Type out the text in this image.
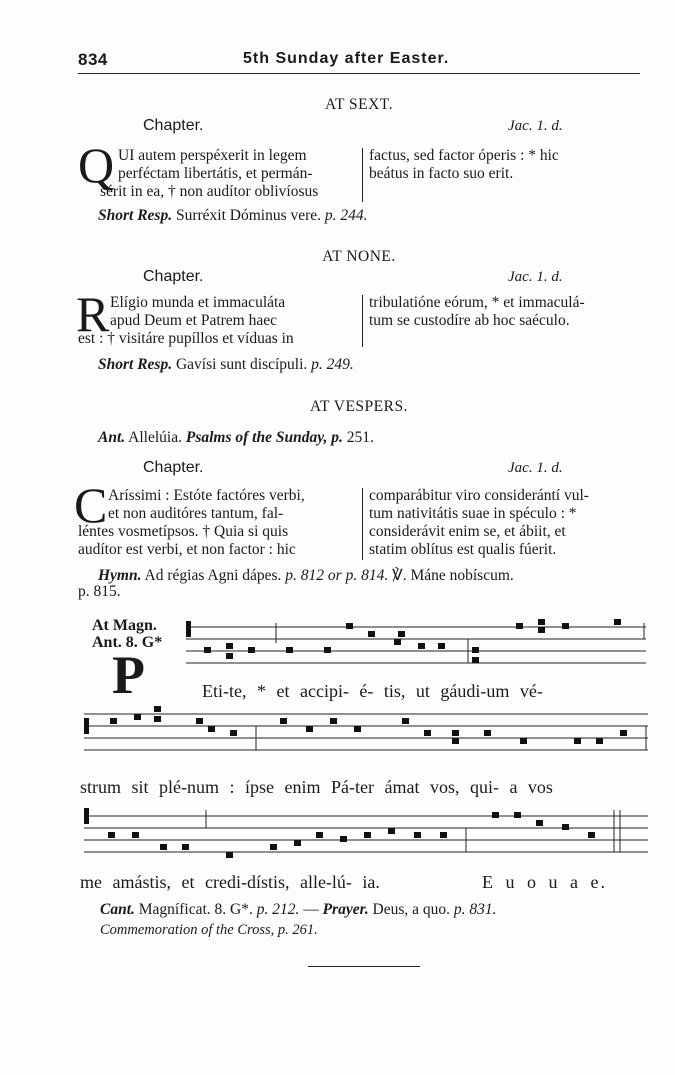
834	5th Sunday after Easter.
AT SEXT.
Chapter.	Jac. 1. d.
Q UI autem perspéxerit in legem
perféctam libertátis, et permán-
sérit in ea, † non audítor oblivíosus
factus, sed factor óperis : * hic
beátus in facto suo erit.
Short Resp. Surréxit Dóminus vere. p. 244.
AT NONE.
Chapter.	Jac. 1. d.
R Elígio munda et immaculáta
apud Deum et Patrem haec
est : † visitáre pupíllos et víduas in
tribulatióne eórum, * et immaculá-
tum se custodíre ab hoc saéculo.
Short Resp. Gavísi sunt discípuli. p. 249.
AT VESPERS.
Ant. Allelúia. Psalms of the Sunday, p. 251.
Chapter.	Jac. 1. d.
C Aríssimi : Estóte factóres verbi,
et non auditóres tantum, fal-
léntes vosmetípsos. † Quia si quis
audítor est verbi, et non factor : hic
comparábitur viro considerántí vul-
tum nativitátis suae in spéculo : *
considerávit enim se, et ábiit, et
statim oblítus est qualis fúerit.
Hymn. Ad régias Agni dápes. p. 812 or p. 814. ℣. Máne nobíscum.
p. 815.
At Magn.
Ant. 8. G*
P	Eti-te, * et accipi- é- tis, ut gáudi-um vé-
strum sit plé-num : ípse enim Pá-ter ámat vos, qui- a vos
me amástis, et credi-dístis, alle-lú- ia.	E u o u a e.
Cant. Magníficat. 8. G*. p. 212. — Prayer. Deus, a quo. p. 831.
Commemoration of the Cross, p. 261.
